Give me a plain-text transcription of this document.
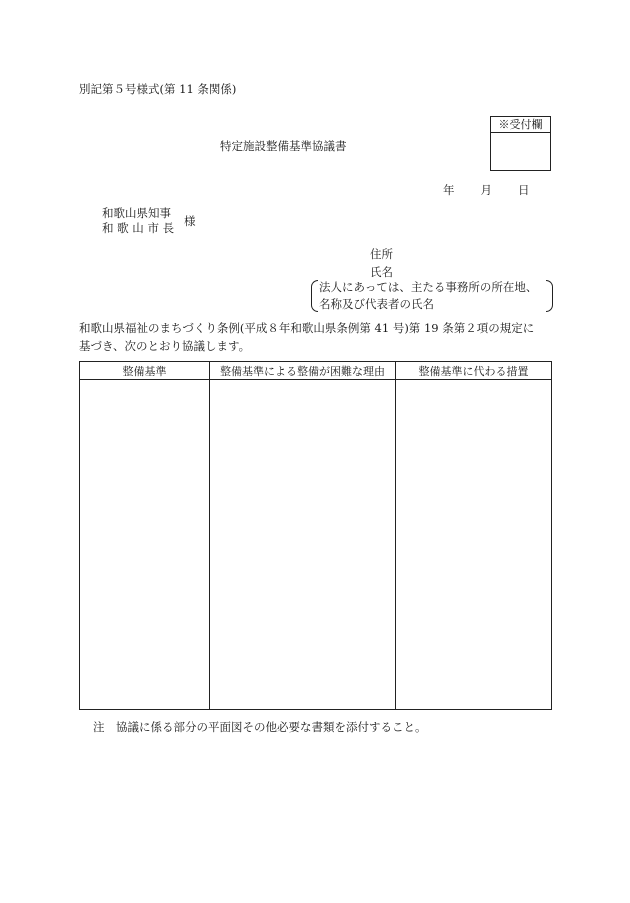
別記第５号様式(第 11 条関係)
※受付欄
特定施設整備基準協議書
年 月 日
和歌山県知事
和 歌 山 市 長 様
住所
氏名
法人にあっては、主たる事務所の所在地、
名称及び代表者の氏名
和歌山県福祉のまちづくり条例(平成８年和歌山県条例第 41 号)第 19 条第２項の規定に
基づき、次のとおり協議します。
整備基準	整備基準による整備が困難な理由	整備基準に代わる措置

注　協議に係る部分の平面図その他必要な書類を添付すること。
